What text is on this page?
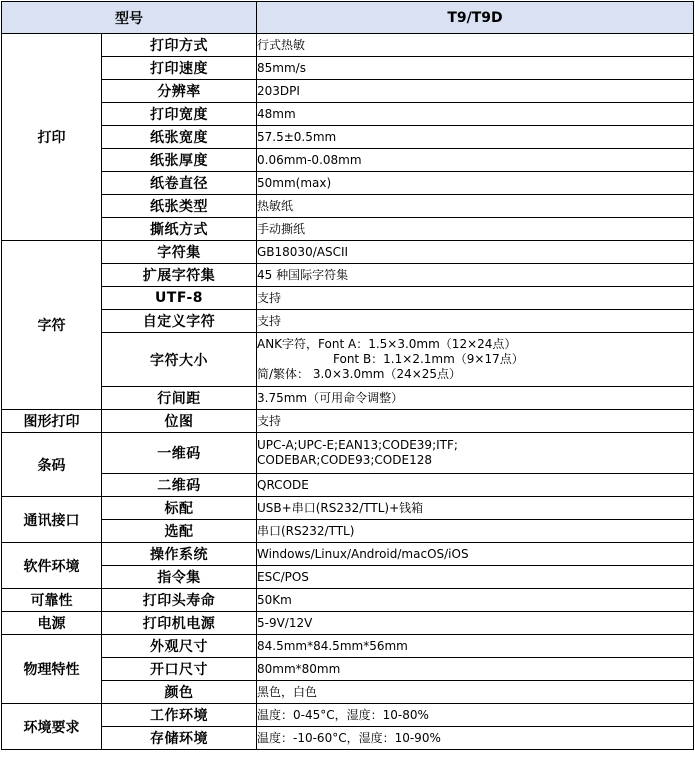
型号		T9/T9D
打印	打印方式	行式热敏
	打印速度	85mm/s
	分辨率	203DPI
	打印宽度	48mm
	纸张宽度	57.5±0.5mm
	纸张厚度	0.06mm-0.08mm
	纸卷直径	50mm(max)
	纸张类型	热敏纸
	撕纸方式	手动撕纸
字符	字符集	GB18030/ASCII
	扩展字符集	45 种国际字符集
	UTF-8	支持
	自定义字符	支持
	字符大小	ANK字符，Font A：1.5×3.0mm（12×24点）
Font B：1.1×2.1mm（9×17点）
简/繁体： 3.0×3.0mm（24×25点）

	行间距	3.75mm（可用命令调整）
图形打印	位图	支持
条码	一维码	UPC-A;UPC-E;EAN13;CODE39;ITF;
CODEBAR;CODE93;CODE128

	二维码	QRCODE
通讯接口	标配	USB+串口(RS232/TTL)+钱箱
	选配	串口(RS232/TTL)
软件环境	操作系统	Windows/Linux/Android/macOS/iOS
	指令集	ESC/POS
可靠性	打印头寿命	50Km
电源	打印机电源	5-9V/12V
物理特性	外观尺寸	84.5mm*84.5mm*56mm
	开口尺寸	80mm*80mm
	颜色	黑色，白色
环境要求	工作环境	温度：0-45°C，湿度：10-80%
	存储环境	温度：-10-60°C，湿度：10-90%
